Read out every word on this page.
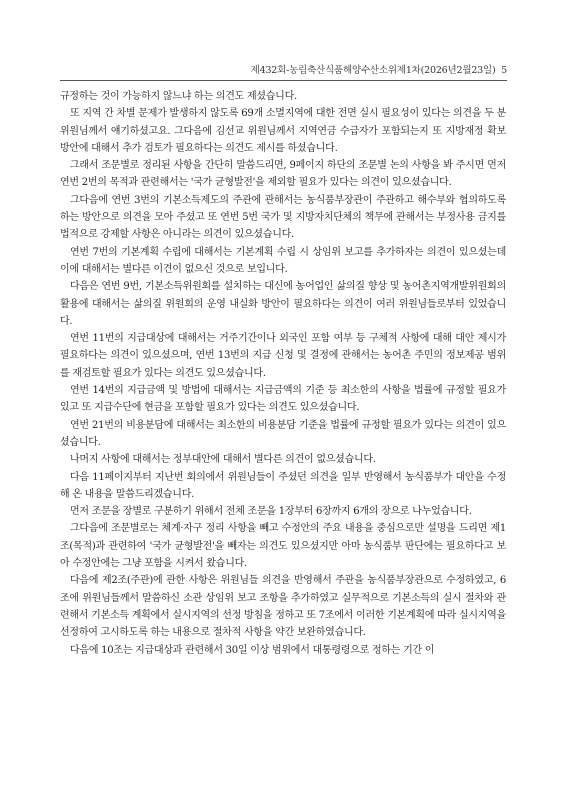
제432회-농림축산식품해양수산소위제1차(2026년2월23일) 5

규정하는 것이 가능하지 않느냐 하는 의견도 제셨습니다.

또 지역 간 차별 문제가 발생하지 않도록 69개 소멸지역에 대한 전면 실시 필요성이 있다는 의견을 두 분 위원님께서 얘기하셨고요. 그다음에 김선교 위원님께서 지역연금 수급자가 포함되는지 또 지방재정 확보 방안에 대해서 추가 검토가 필요하다는 의견도 제시를 하셨습니다.

그래서 조문별로 정리된 사항을 간단히 말씀드리면, 9페이지 하단의 조문별 논의 사항을 봐 주시면 먼저 연번 2번의 목적과 관련해서는 '국가 균형발전'을 제외할 필요가 있다는 의견이 있으셨습니다.

그다음에 연번 3번의 기본소득제도의 주관에 관해서는 농식품부장관이 주관하고 해수부와 협의하도록 하는 방안으로 의견을 모아 주셨고 또 연번 5번 국가 및 지방자치단체의 책무에 관해서는 부정사용 금지를 법적으로 강제할 사항은 아니라는 의견이 있으셨습니다.

연번 7번의 기본계획 수립에 대해서는 기본계획 수립 시 상임위 보고를 추가하자는 의견이 있으셨는데 이에 대해서는 별다른 이견이 없으신 것으로 보입니다.

다음은 연번 9번, 기본소득위원회를 설치하는 대신에 농어업인 삶의질 향상 및 농어촌지역개발위원회의 활용에 대해서는 삶의질 위원회의 운영 내실화 방안이 필요하다는 의견이 여러 위원님들로부터 있었습니다.

연번 11번의 지급대상에 대해서는 거주기간이나 외국인 포함 여부 등 구체적 사항에 대해 대안 제시가 필요하다는 의견이 있으셨으며, 연번 13번의 지급 신청 및 결정에 관해서는 농어촌 주민의 정보제공 범위를 재검토할 필요가 있다는 의견도 있으셨습니다.

연번 14번의 지급금액 및 방법에 대해서는 지급금액의 기준 등 최소한의 사항을 법률에 규정할 필요가 있고 또 지급수단에 현금을 포함할 필요가 있다는 의견도 있으셨습니다.

연번 21번의 비용분담에 대해서는 최소한의 비용분담 기준을 법률에 규정할 필요가 있다는 의견이 있으셨습니다.

나머지 사항에 대해서는 정부대안에 대해서 별다른 의견이 없으셨습니다.

다음 11페이지부터 지난번 회의에서 위원님들이 주셨던 의견을 일부 반영해서 농식품부가 대안을 수정해 온 내용을 말씀드리겠습니다.

먼저 조문을 장별로 구분하기 위해서 전체 조문을 1장부터 6장까지 6개의 장으로 나누었습니다.

그다음에 조문별로는 체계·자구 정리 사항을 빼고 수정안의 주요 내용을 중심으로만 설명을 드리면 제1조(목적)과 관련하여 '국가 균형발전'을 빼자는 의견도 있으셨지만 아마 농식품부 판단에는 필요하다고 보아 수정안에는 그냥 포함을 시켜서 왔습니다.

다음에 제2조(주관)에 관한 사항은 위원님들 의견을 반영해서 주관을 농식품부장관으로 수정하였고, 6조에 위원님들께서 말씀하신 소관 상임위 보고 조항을 추가하였고 실무적으로 기본소득의 실시 절차와 관련해서 기본소득 계획에서 실시지역의 선정 방침을 정하고 또 7조에서 이러한 기본계획에 따라 실시지역을 선정하여 고시하도록 하는 내용으로 절차적 사항을 약간 보완하였습니다.

다음에 10조는 지급대상과 관련해서 30일 이상 범위에서 대통령령으로 정하는 기간 이
